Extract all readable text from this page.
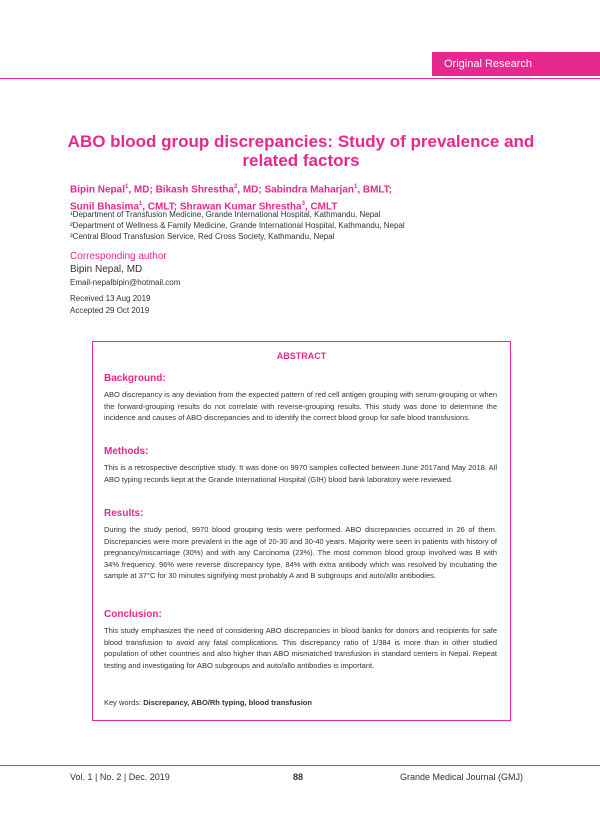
Original Research
ABO blood group discrepancies: Study of prevalence and related factors
Bipin Nepal$^1$, MD; Bikash Shrestha$^2$, MD; Sabindra Maharjan$^1$, BMLT;
Sunil Bhasima$^1$, CMLT; Shrawan Kumar Shrestha$^3$, CMLT
¹Department of Transfusion Medicine, Grande International Hospital, Kathmandu, Nepal
²Department of Wellness & Family Medicine, Grande International Hospital, Kathmandu, Nepal
³Central Blood Transfusion Service, Red Cross Society, Kathmandu, Nepal
Corresponding author
Bipin Nepal, MD
Email-nepalbipin@hotmail.com
Received 13 Aug 2019
Accepted 29 Oct 2019
ABSTRACT
Background:
ABO discrepancy is any deviation from the expected pattern of red cell antigen grouping with serum-grouping or when the forward-grouping results do not correlate with reverse-grouping results. This study was done to determine the incidence and causes of ABO discrepancies and to identify the correct blood group for safe blood transfusions.
Methods:
This is a retrospective descriptive study. It was done on 9970 samples collected between June 2017and May 2018. All ABO typing records kept at the Grande International Hospital (GIH) blood bank laboratory were reviewed.
Results:
During the study period, 9970 blood grouping tests were performed. ABO discrepancies occurred in 26 of them. Discrepancies were more prevalent in the age of 20-30 and 30-40 years. Majority were seen in patients with history of pregnancy/miscarriage (30%) and with any Carcinoma (23%). The most common blood group involved was B with 34% frequency. 96% were reverse discrepancy type, 84% with extra antibody which was resolved by incubating the sample at 37°C for 30 minutes signifying most probably A and B subgroups and auto/allo antibodies.
Conclusion:
This study emphasizes the need of considering ABO discrepancies in blood banks for donors and recipients for safe blood transfusion to avoid any fatal complications. This discrepancy ratio of 1/384 is more than in other studied population of other countries and also higher than ABO mismatched transfusion in standard centers in Nepal. Repeat testing and investigating for ABO subgroups and auto/allo antibodies is important.
Key words: Discrepancy, ABO/Rh typing, blood transfusion
Vol. 1 | No. 2 | Dec. 2019	88	Grande Medical Journal (GMJ)
